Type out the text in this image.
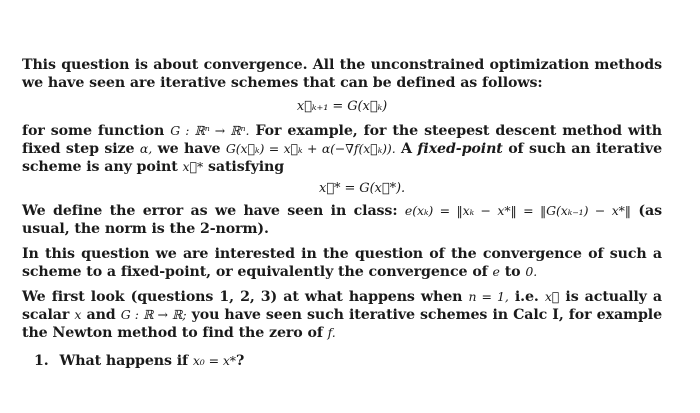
This question is about convergence. All the unconstrained optimization methods we have seen are iterative schemes that can be defined as follows:

x⃗ₖ₊₁ = G(x⃗ₖ)

for some function G : ℝⁿ → ℝⁿ. For example, for the steepest descent method with fixed step size α, we have G(x⃗ₖ) = x⃗ₖ + α(−∇f(x⃗ₖ)). A fixed-point of such an iterative scheme is any point x⃗* satisfying

x⃗* = G(x⃗*).

We define the error as we have seen in class: e(xₖ) = ‖xₖ − x*‖ = ‖G(xₖ₋₁) − x*‖ (as usual, the norm is the 2-norm).

In this question we are interested in the question of the convergence of such a scheme to a fixed-point, or equivalently the convergence of e to 0.

We first look (questions 1, 2, 3) at what happens when n = 1, i.e. x⃗ is actually a scalar x and G : ℝ → ℝ; you have seen such iterative schemes in Calc I, for example the Newton method to find the zero of f.

1. What happens if x₀ = x*?
